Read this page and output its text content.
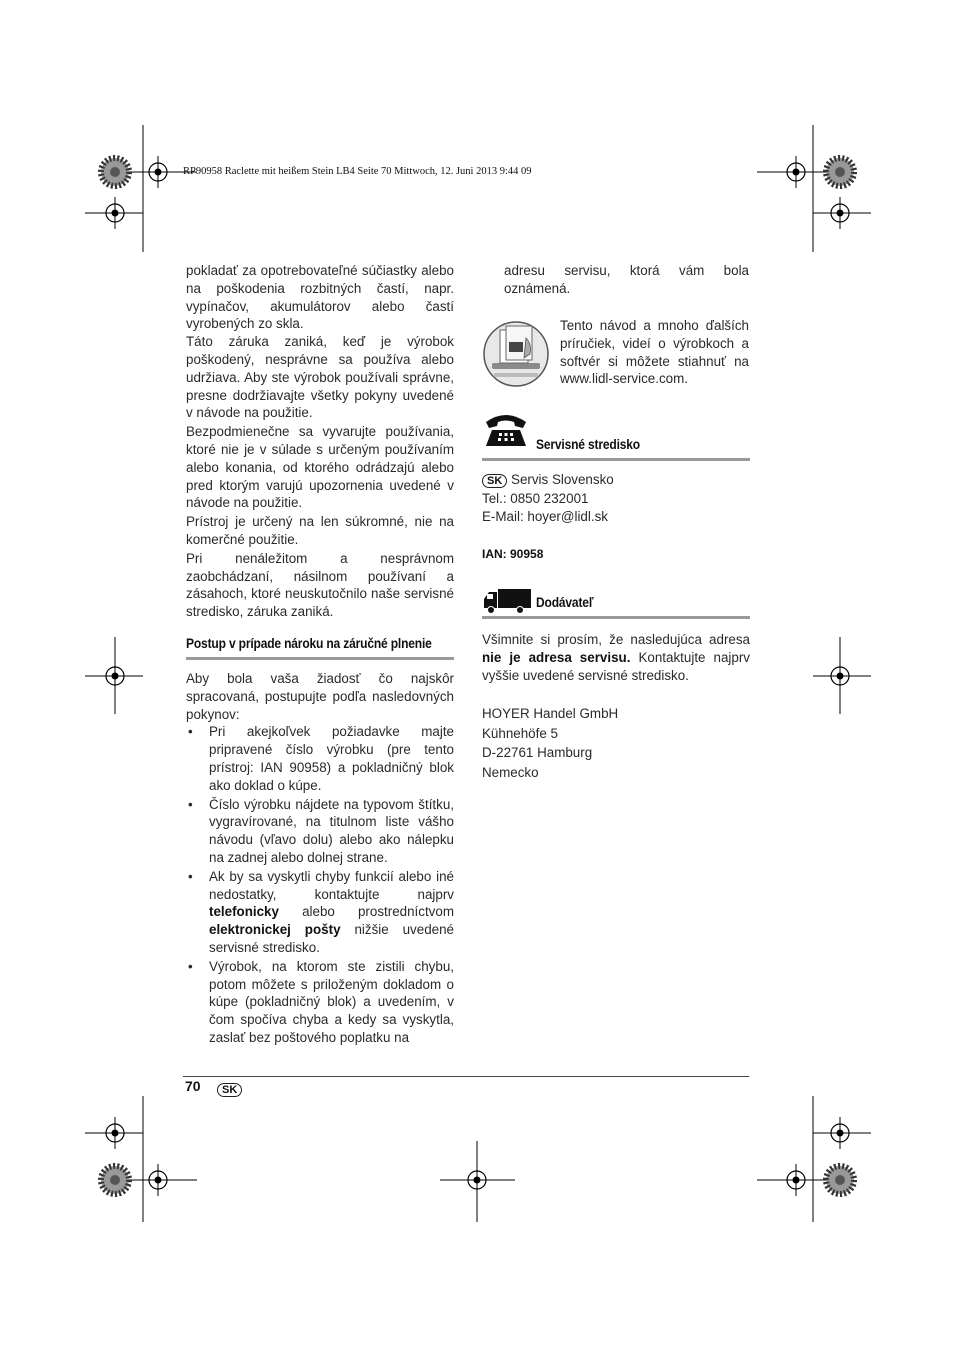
RP90958 Raclette mit heißem Stein LB4 Seite 70 Mittwoch, 12. Juni 2013 9:44 09

pokladať za opotrebovateľné súčiastky alebo na poškodenia rozbitných častí, napr. vypínačov, akumulátorov alebo častí vyrobených zo skla.

Táto záruka zaniká, keď je výrobok poškodený, nesprávne sa používa alebo udržiava. Aby ste výrobok používali správne, presne dodržiavajte všetky pokyny uvedené v návode na použitie.

Bezpodmienečne sa vyvarujte používania, ktoré nie je v súlade s určeným používaním alebo konania, od ktorého odrádzajú alebo pred ktorým varujú upozornenia uvedené v návode na použitie.

Prístroj je určený na len súkromné, nie na komerčné použitie.

Pri nenáležitom a nesprávnom zaobchádzaní, násilnom používaní a zásahoch, ktoré neuskutočnilo naše servisné stredisko, záruka zaniká.

Postup v prípade nároku na záručné plnenie

Aby bola vaša žiadosť čo najskôr spracovaná, postupujte podľa nasledovných pokynov:

• Pri akejkoľvek požiadavke majte pripravené číslo výrobku (pre tento prístroj: IAN 90958) a pokladničný blok ako doklad o kúpe.
• Číslo výrobku nájdete na typovom štítku, vygravírované, na titulnom liste vášho návodu (vľavo dolu) alebo ako nálepku na zadnej alebo dolnej strane.
• Ak by sa vyskytli chyby funkcií alebo iné nedostatky, kontaktujte najprv telefonicky alebo prostredníctvom elektronickej pošty nižšie uvedené servisné stredisko.
• Výrobok, na ktorom ste zistili chybu, potom môžete s priloženým dokladom o kúpe (pokladničný blok) a uvedením, v čom spočíva chyba a kedy sa vyskytla, zaslať bez poštového poplatku na

adresu servisu, ktorá vám bola oznámená.

Tento návod a mnoho ďalších príručiek, videí o výrobkoch a softvér si môžete stiahnuť na www.lidl-service.com.

Servisné stredisko
SK Servis Slovensko
Tel.: 0850 232001
E-Mail: hoyer@lidl.sk
IAN: 90958
Dodávateľ

Všimnite si prosím, že nasledujúca adresa nie je adresa servisu. Kontaktujte najprv vyššie uvedené servisné stredisko.

HOYER Handel GmbH
Kühnehöfe 5
D-22761 Hamburg
Nemecko
70	SK
